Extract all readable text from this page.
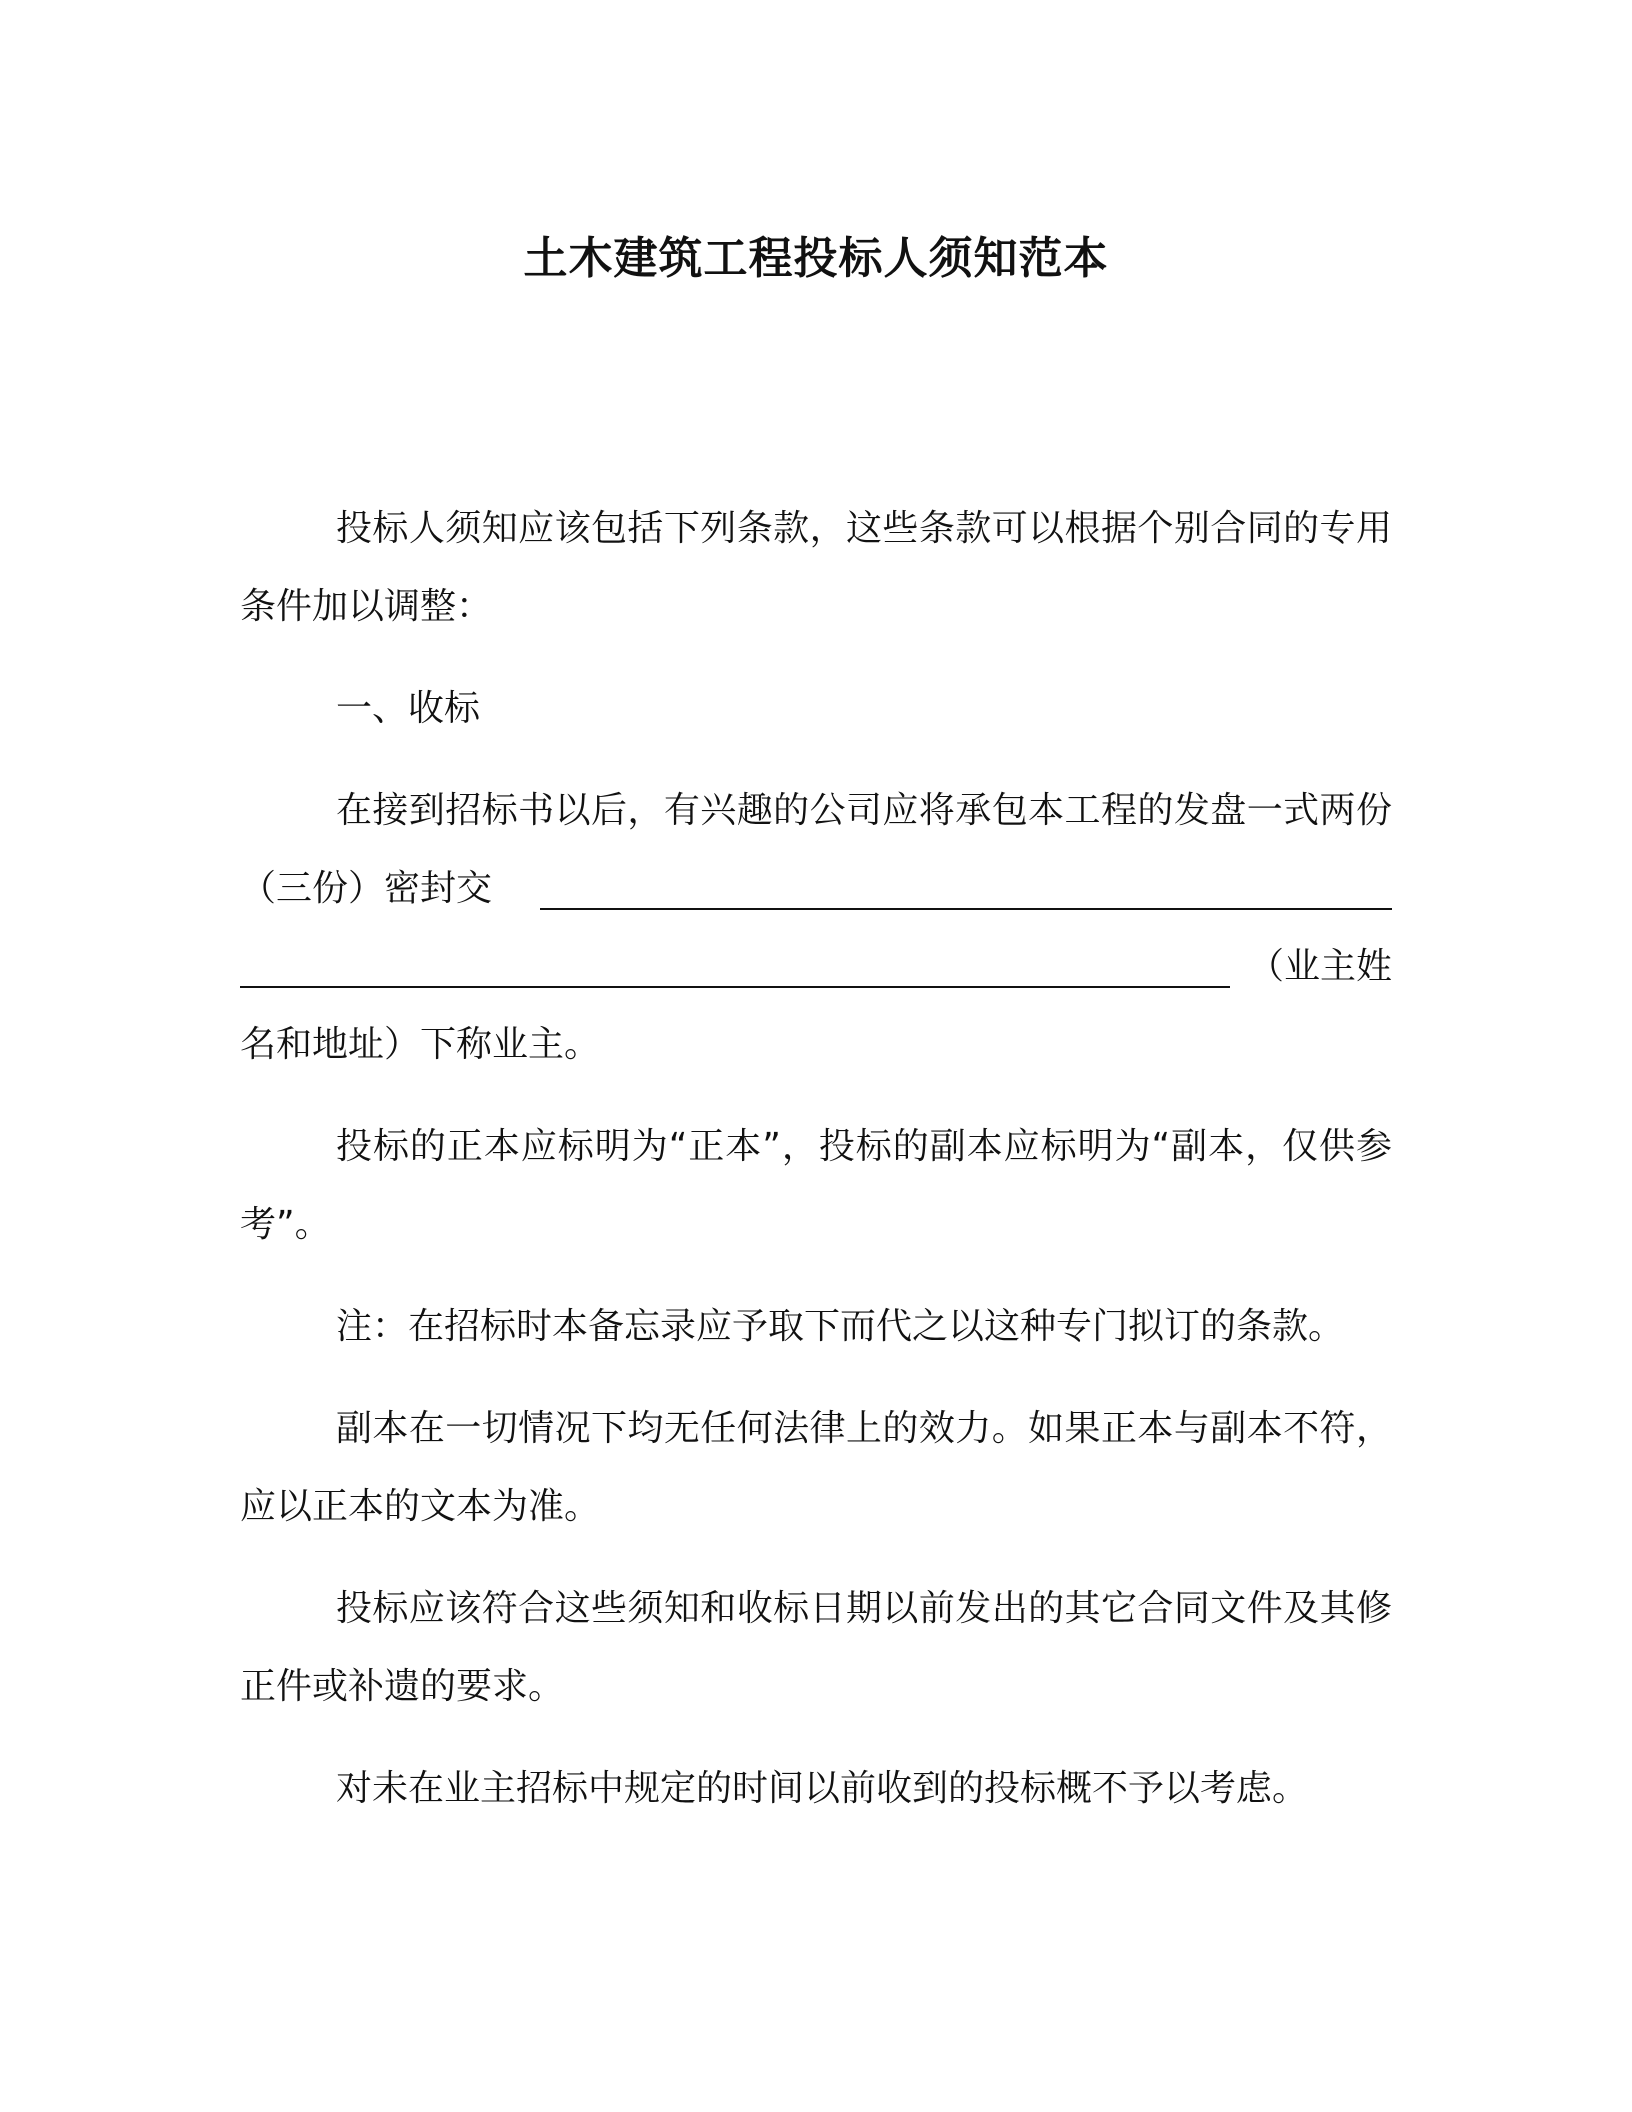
土木建筑工程投标人须知范本

投标人须知应该包括下列条款，这些条款可以根据个别合同的专用条件加以调整：

一、收标

在接到招标书以后，有兴趣的公司应将承包本工程的发盘一式两份（三份）密封交
（业主姓
名和地址）下称业主。

投标的正本应标明为“正本”，投标的副本应标明为“副本，仅供参考”。

注：在招标时本备忘录应予取下而代之以这种专门拟订的条款。

副本在一切情况下均无任何法律上的效力。如果正本与副本不符，应以正本的文本为准。

投标应该符合这些须知和收标日期以前发出的其它合同文件及其修正件或补遗的要求。

对未在业主招标中规定的时间以前收到的投标概不予以考虑。
